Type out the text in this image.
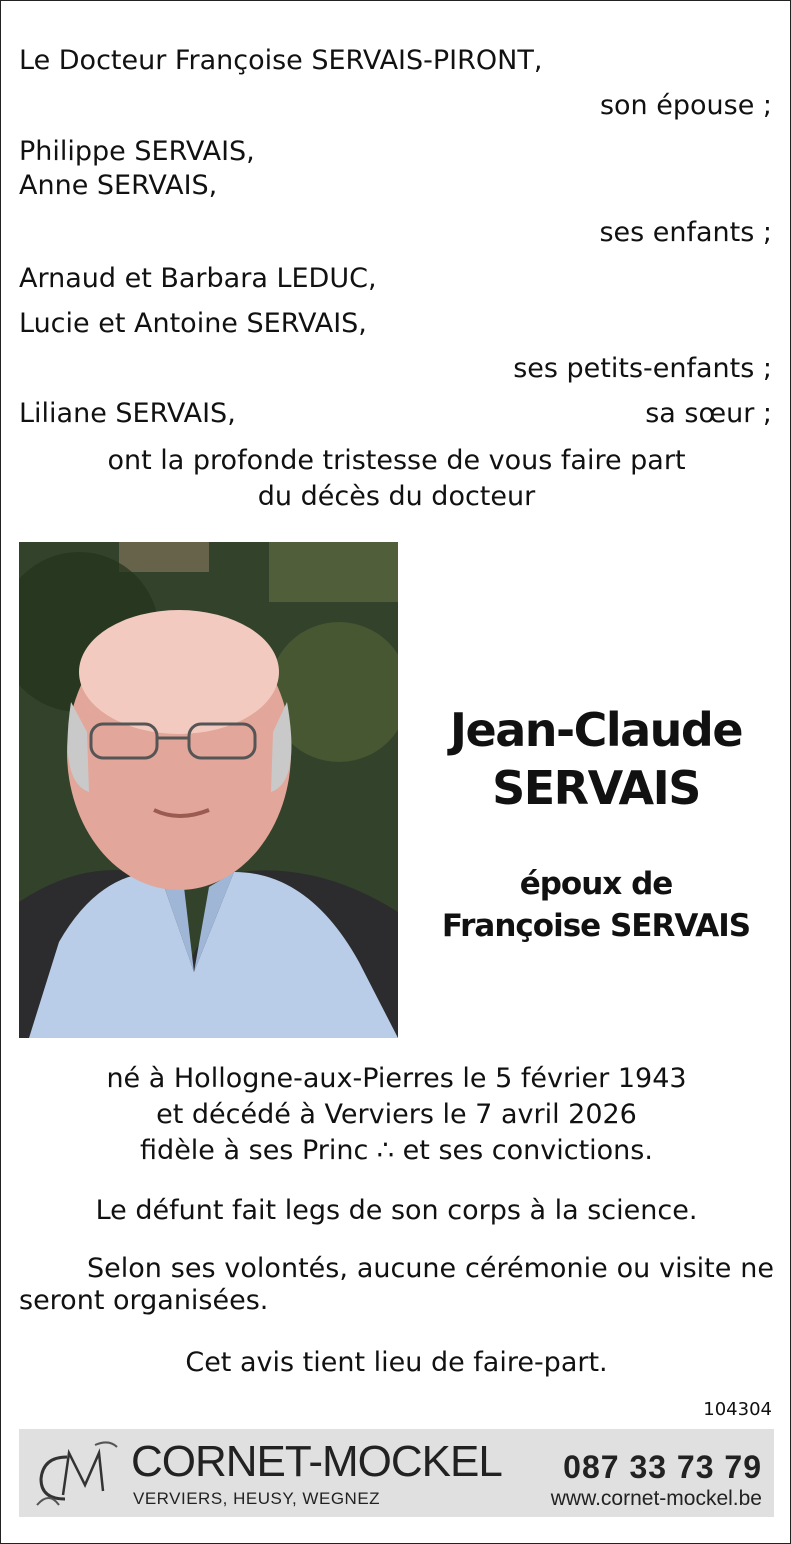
Le Docteur Françoise SERVAIS-PIRONT,
son épouse ;
Philippe SERVAIS,
Anne SERVAIS,
ses enfants ;
Arnaud et Barbara LEDUC,
Lucie et Antoine SERVAIS,
ses petits-enfants ;
Liliane SERVAIS,	sa sœur ;
ont la profonde tristesse de vous faire part
du décès du docteur
Jean-Claude
SERVAIS
époux de
Françoise SERVAIS
né à Hollogne-aux-Pierres le 5 février 1943
et décédé à Verviers le 7 avril 2026
fidèle à ses Princ ∴ et ses convictions.
Le défunt fait legs de son corps à la science.
Selon ses volontés, aucune cérémonie ou visite ne seront organisées.
Cet avis tient lieu de faire-part.
104304
CORNET-MOCKEL
VERVIERS, HEUSY, WEGNEZ
087 33 73 79
www.cornet-mockel.be
